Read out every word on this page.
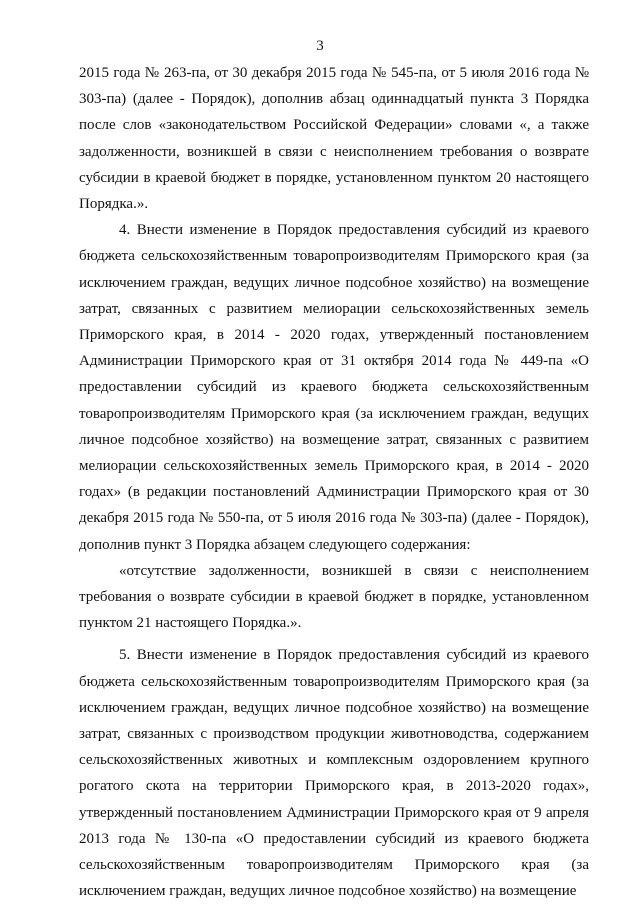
3

2015 года № 263-па, от 30 декабря 2015 года № 545-па, от 5 июля 2016 года № 303-па) (далее - Порядок), дополнив абзац одиннадцатый пункта 3 Порядка после слов «законодательством Российской Федерации» словами «, а также задолженности, возникшей в связи с неисполнением требования о возврате субсидии в краевой бюджет в порядке, установленном пунктом 20 настоящего Порядка.».

4. Внести изменение в Порядок предоставления субсидий из краевого бюджета сельскохозяйственным товаропроизводителям Приморского края (за исключением граждан, ведущих личное подсобное хозяйство) на возмещение затрат, связанных с развитием мелиорации сельскохозяйственных земель Приморского края, в 2014 - 2020 годах, утвержденный постановлением Администрации Приморского края от 31 октября 2014 года № 449-па «О предоставлении субсидий из краевого бюджета сельскохозяйственным товаропроизводителям Приморского края (за исключением граждан, ведущих личное подсобное хозяйство) на возмещение затрат, связанных с развитием мелиорации сельскохозяйственных земель Приморского края, в 2014 - 2020 годах» (в редакции постановлений Администрации Приморского края от 30 декабря 2015 года № 550-па, от 5 июля 2016 года № 303-па) (далее - Порядок), дополнив пункт 3 Порядка абзацем следующего содержания:

«отсутствие задолженности, возникшей в связи с неисполнением требования о возврате субсидии в краевой бюджет в порядке, установленном пунктом 21 настоящего Порядка.».

5. Внести изменение в Порядок предоставления субсидий из краевого бюджета сельскохозяйственным товаропроизводителям Приморского края (за исключением граждан, ведущих личное подсобное хозяйство) на возмещение затрат, связанных с производством продукции животноводства, содержанием сельскохозяйственных животных и комплексным оздоровлением крупного рогатого скота на территории Приморского края, в 2013-2020 годах», утвержденный постановлением Администрации Приморского края от 9 апреля 2013 года № 130-па «О предоставлении субсидий из краевого бюджета сельскохозяйственным товаропроизводителям Приморского края (за исключением граждан, ведущих личное подсобное хозяйство) на возмещение
